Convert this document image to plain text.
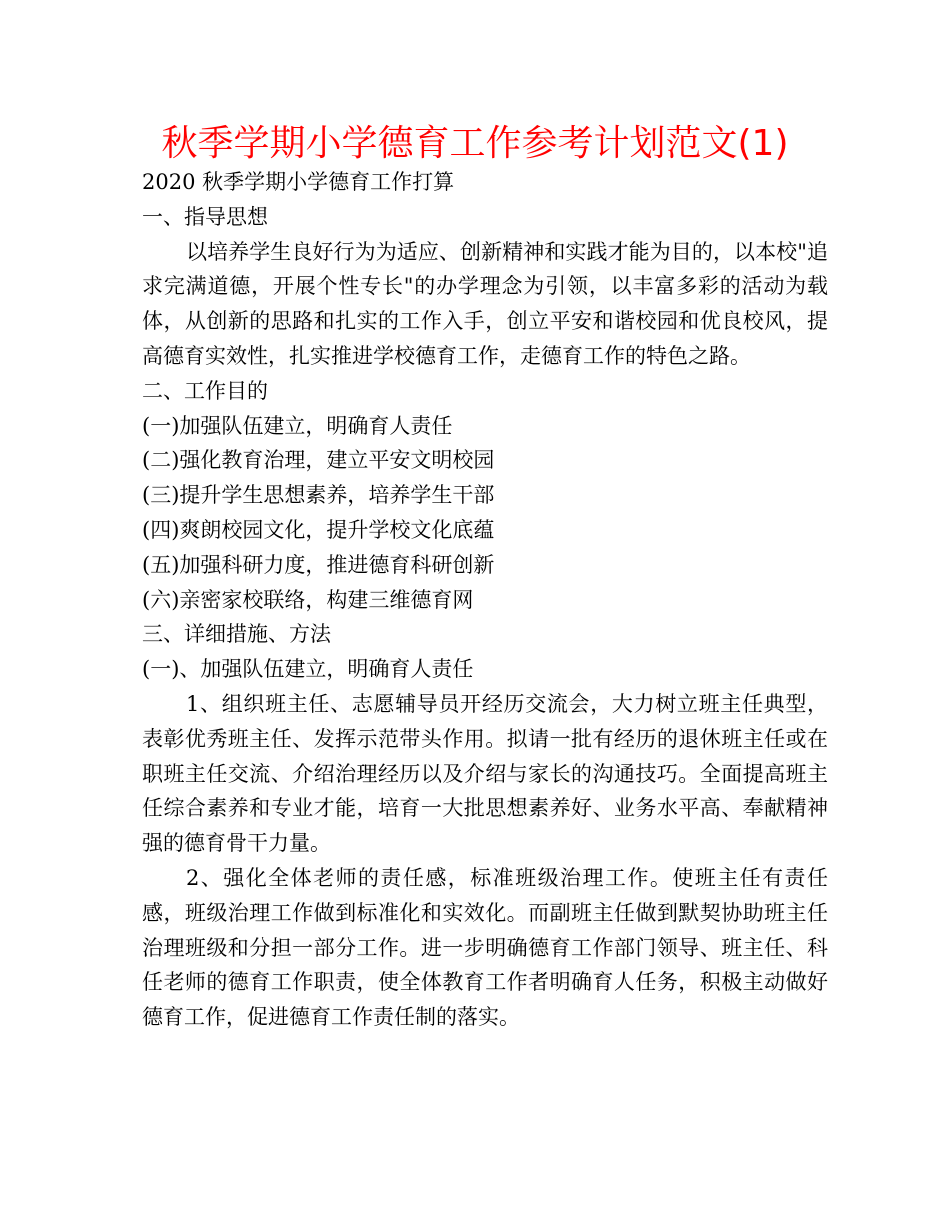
秋季学期小学德育工作参考计划范文(1)

2020 秋季学期小学德育工作打算

一、指导思想

以培养学生良好行为为适应、创新精神和实践才能为目的，以本校"追求完满道德，开展个性专长"的办学理念为引领，以丰富多彩的活动为载体，从创新的思路和扎实的工作入手，创立平安和谐校园和优良校风，提高德育实效性，扎实推进学校德育工作，走德育工作的特色之路。

二、工作目的

(一)加强队伍建立，明确育人责任

(二)强化教育治理，建立平安文明校园

(三)提升学生思想素养，培养学生干部

(四)爽朗校园文化，提升学校文化底蕴

(五)加强科研力度，推进德育科研创新

(六)亲密家校联络，构建三维德育网

三、详细措施、方法

(一)、加强队伍建立，明确育人责任

1、组织班主任、志愿辅导员开经历交流会，大力树立班主任典型，表彰优秀班主任、发挥示范带头作用。拟请一批有经历的退休班主任或在职班主任交流、介绍治理经历以及介绍与家长的沟通技巧。全面提高班主任综合素养和专业才能，培育一大批思想素养好、业务水平高、奉献精神强的德育骨干力量。

2、强化全体老师的责任感，标准班级治理工作。使班主任有责任感，班级治理工作做到标准化和实效化。而副班主任做到默契协助班主任治理班级和分担一部分工作。进一步明确德育工作部门领导、班主任、科任老师的德育工作职责，使全体教育工作者明确育人任务，积极主动做好德育工作，促进德育工作责任制的落实。
